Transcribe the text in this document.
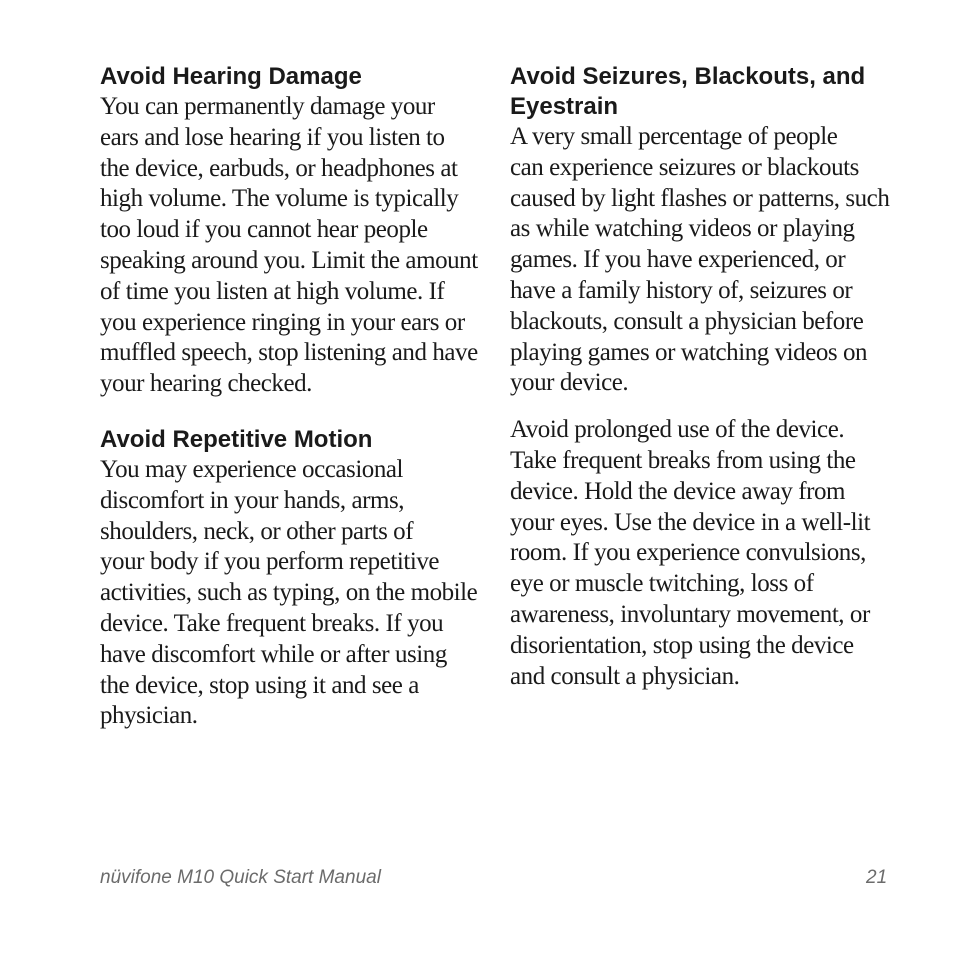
Avoid Hearing Damage

You can permanently damage your
ears and lose hearing if you listen to
the device, earbuds, or headphones at
high volume. The volume is typically
too loud if you cannot hear people
speaking around you. Limit the amount
of time you listen at high volume. If
you experience ringing in your ears or
muffled speech, stop listening and have
your hearing checked.

Avoid Repetitive Motion

You may experience occasional
discomfort in your hands, arms,
shoulders, neck, or other parts of
your body if you perform repetitive
activities, such as typing, on the mobile
device. Take frequent breaks. If you
have discomfort while or after using
the device, stop using it and see a
physician.

Avoid Seizures, Blackouts, and
Eyestrain

A very small percentage of people
can experience seizures or blackouts
caused by light flashes or patterns, such
as while watching videos or playing
games. If you have experienced, or
have a family history of, seizures or
blackouts, consult a physician before
playing games or watching videos on
your device.

Avoid prolonged use of the device.
Take frequent breaks from using the
device. Hold the device away from
your eyes. Use the device in a well-lit
room. If you experience convulsions,
eye or muscle twitching, loss of
awareness, involuntary movement, or
disorientation, stop using the device
and consult a physician.

nüvifone M10 Quick Start Manual	21
